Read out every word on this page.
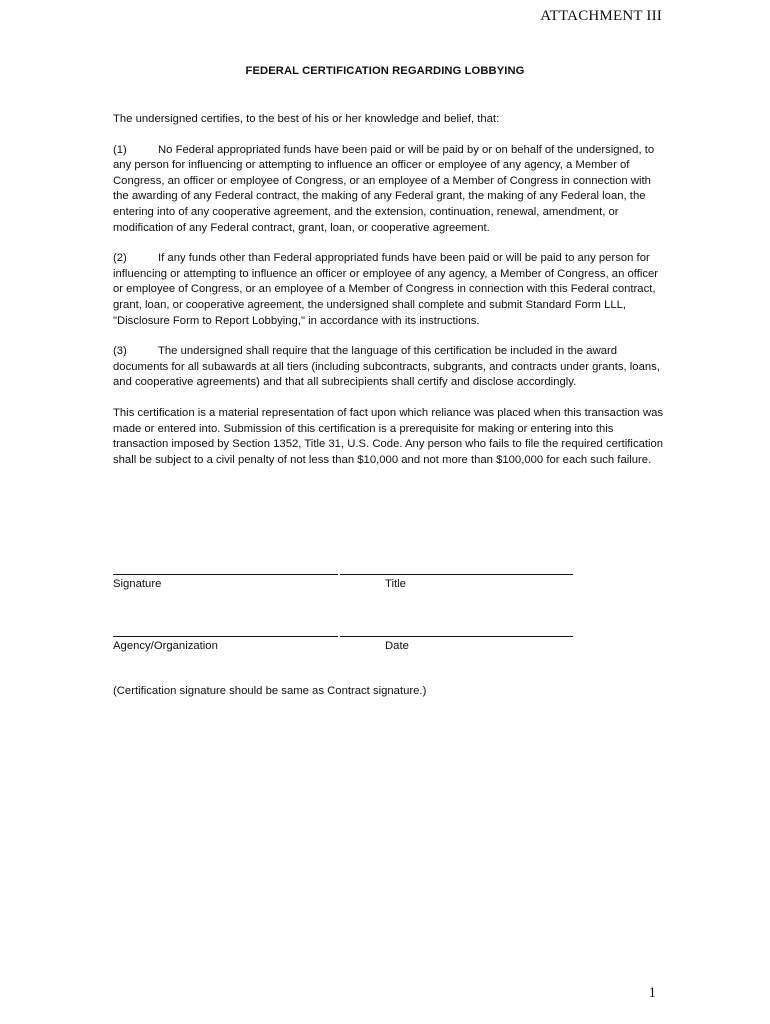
ATTACHMENT III
FEDERAL CERTIFICATION REGARDING LOBBYING

The undersigned certifies, to the best of his or her knowledge and belief, that:

(1)	No Federal appropriated funds have been paid or will be paid by or on behalf of the undersigned, to any person for influencing or attempting to influence an officer or employee of any agency, a Member of Congress, an officer or employee of Congress, or an employee of a Member of Congress in connection with the awarding of any Federal contract, the making of any Federal grant, the making of any Federal loan, the entering into of any cooperative agreement, and the extension, continuation, renewal, amendment, or modification of any Federal contract, grant, loan, or cooperative agreement.

(2)	If any funds other than Federal appropriated funds have been paid or will be paid to any person for influencing or attempting to influence an officer or employee of any agency, a Member of Congress, an officer or employee of Congress, or an employee of a Member of Congress in connection with this Federal contract, grant, loan, or cooperative agreement, the undersigned shall complete and submit Standard Form LLL, "Disclosure Form to Report Lobbying," in accordance with its instructions.

(3)	The undersigned shall require that the language of this certification be included in the award documents for all subawards at all tiers (including subcontracts, subgrants, and contracts under grants, loans, and cooperative agreements) and that all subrecipients shall certify and disclose accordingly.

This certification is a material representation of fact upon which reliance was placed when this transaction was made or entered into. Submission of this certification is a prerequisite for making or entering into this transaction imposed by Section 1352, Title 31, U.S. Code. Any person who fails to file the required certification shall be subject to a civil penalty of not less than $10,000 and not more than $100,000 for each such failure.

Signature	Title
Agency/Organization	Date
(Certification signature should be same as Contract signature.)
1
